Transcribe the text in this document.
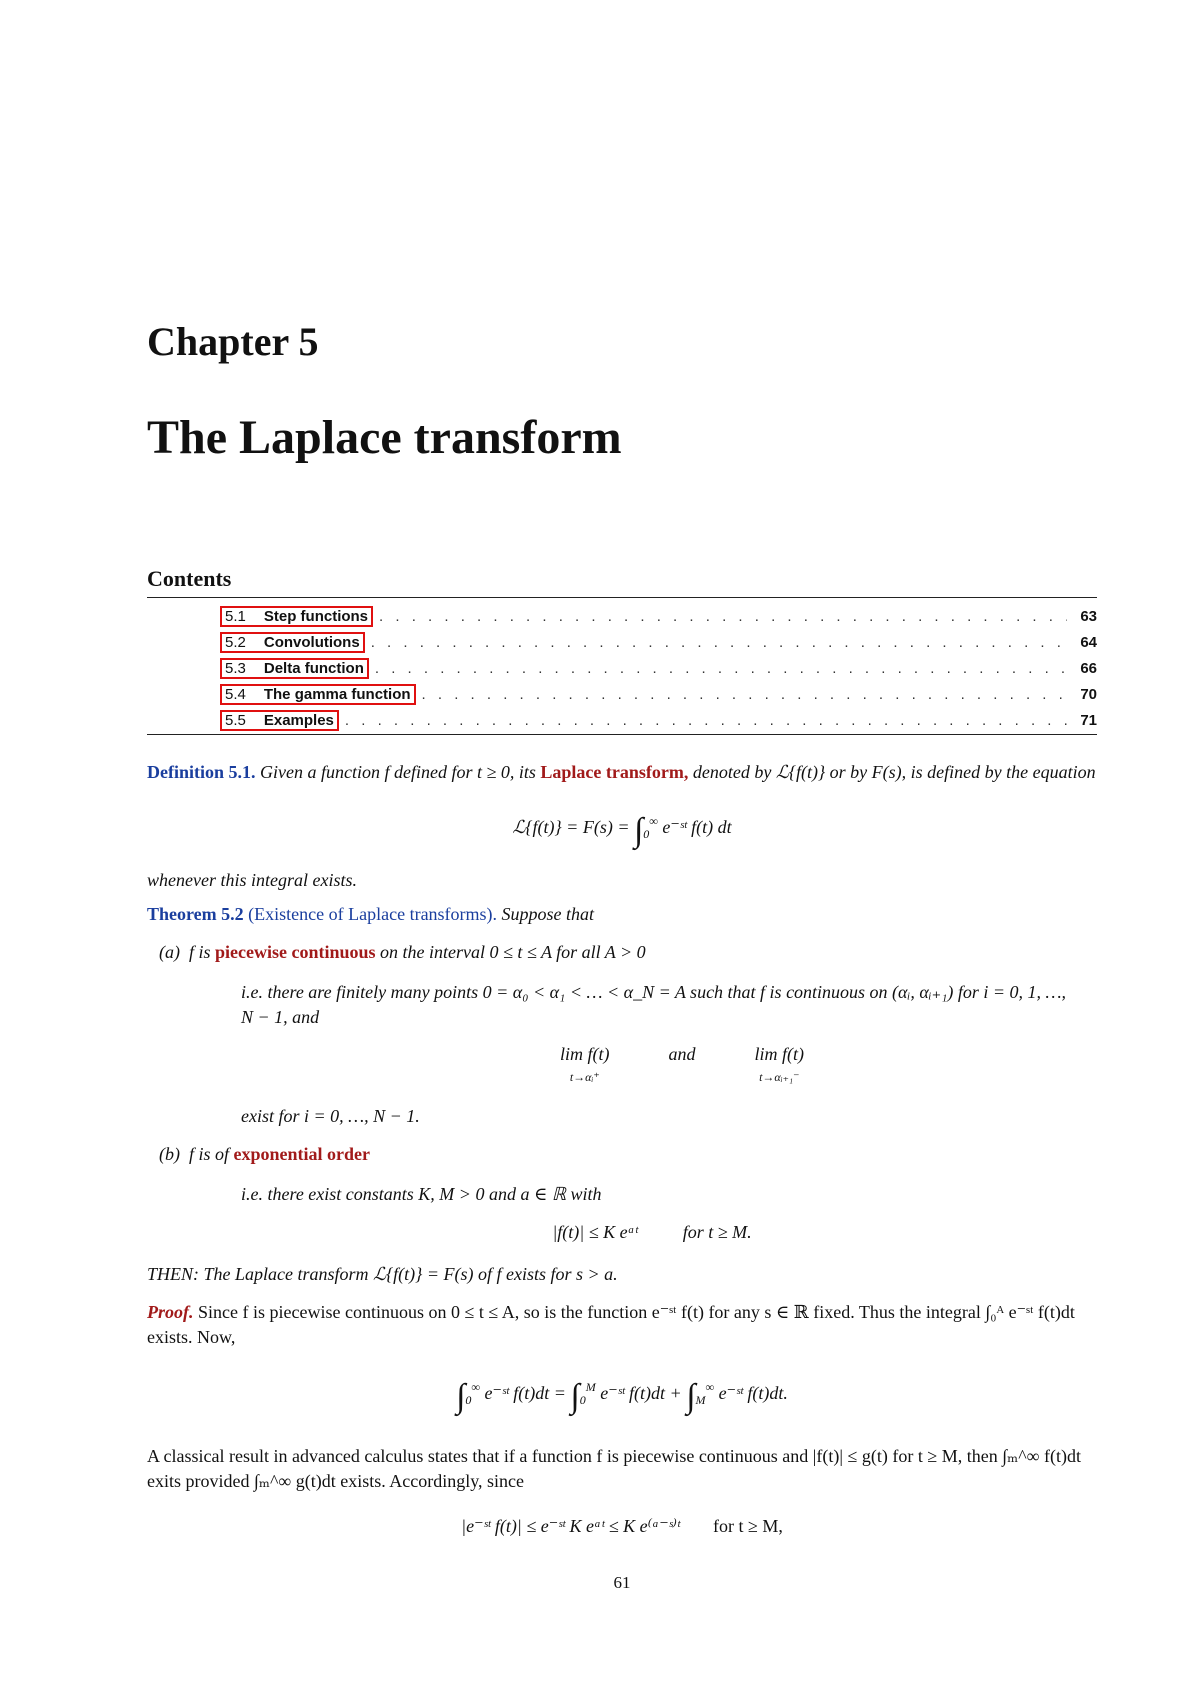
Chapter 5
The Laplace transform
Contents
5.1 Step functions . . .	63
5.2 Convolutions . . .	64
5.3 Delta function . . .	66
5.4 The gamma function . . .	70
5.5 Examples . . .	71
Definition 5.1. Given a function f defined for t ≥ 0, its Laplace transform, denoted by ℒ{f(t)} or by F(s), is defined by the equation
ℒ{f(t)} = $F(s) = \int_0^\infty$ e⁻ˢᵗ f(t) dt
whenever this integral exists.
Theorem 5.2 (Existence of Laplace transforms). Suppose that
(a) f is piecewise continuous on the interval 0 ≤ t ≤ A for all A > 0
i.e. there are finitely many points 0 = α₀ < α₁ < … < α_N = A such that f is continuous on (αᵢ, αᵢ₊₁) for i = 0, 1, …, N − 1, and
lim f(t)
t→αᵢ⁺  and	lim f(t)
t→αᵢ₊₁⁻
exist for i = 0, …, N − 1.
(b) f is of exponential order
i.e. there exist constants K, M > 0 and a ∈ ℝ with
|f(t)| ≤ K eᵃᵗ	for t ≥ M.
THEN: The Laplace transform ℒ{f(t)} = F(s) of f exists for s > a.
Proof. Since f is piecewise continuous on 0 ≤ t ≤ A, so is the function e⁻ˢᵗ f(t) for any s ∈ ℝ fixed. Thus the integral ∫₀ᴬ e⁻ˢᵗ f(t)dt exists. Now,
$\int_0^\infty$ e⁻ˢᵗ $f(t)dt = \int_0^M$ e⁻ˢᵗ $f(t)dt + \int_M^\infty$ e⁻ˢᵗ f(t)dt.
A classical result in advanced calculus states that if a function f is piecewise continuous and |f(t)| ≤ g(t) for t ≥ M, then ∫ₘ^∞ f(t)dt exits provided ∫ₘ^∞ g(t)dt exists. Accordingly, since
|e⁻ˢᵗ f(t)| ≤ e⁻ˢᵗ K eᵃᵗ ≤ K e⁽ᵃ⁻ˢ⁾ᵗ for t ≥ M,
61
